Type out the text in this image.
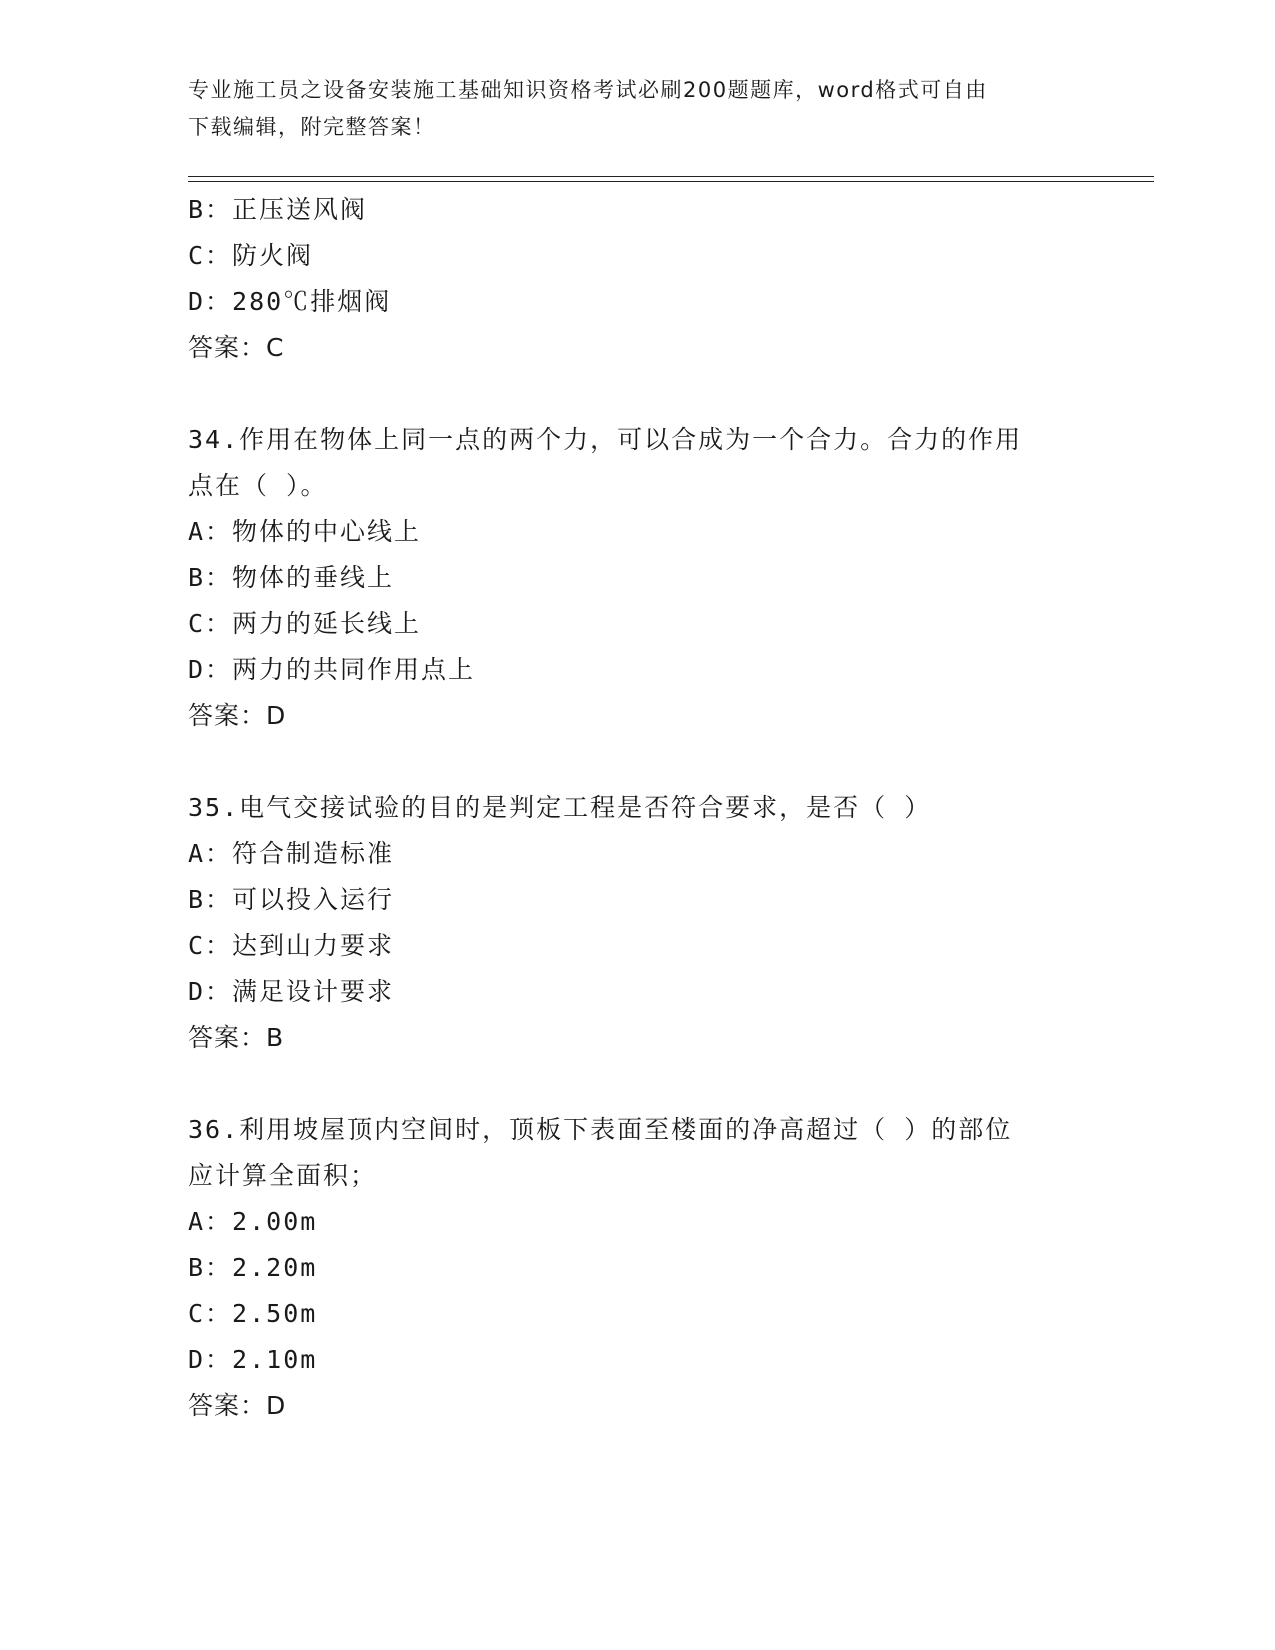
专业施工员之设备安装施工基础知识资格考试必刷200题题库，word格式可自由
下载编辑，附完整答案！
B：正压送风阀
C：防火阀
D：280℃排烟阀
答案：C
34.作用在物体上同一点的两个力，可以合成为一个合力。合力的作用
点在（ ）。
A：物体的中心线上
B：物体的垂线上
C：两力的延长线上
D：两力的共同作用点上
答案：D
35.电气交接试验的目的是判定工程是否符合要求，是否（ ）
A：符合制造标准
B：可以投入运行
C：达到山力要求
D：满足设计要求
答案：B
36.利用坡屋顶内空间时，顶板下表面至楼面的净高超过（ ）的部位
应计算全面积；
A：2.00m
B：2.20m
C：2.50m
D：2.10m
答案：D
